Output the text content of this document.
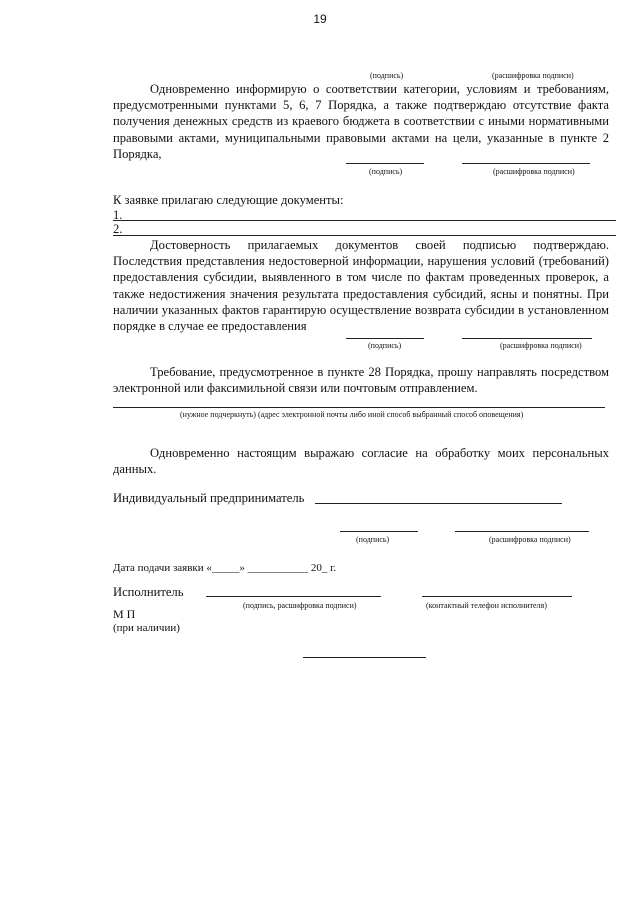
19
(подпись)	(расшифровка подписи)
Одновременно информирую о соответствии категории, условиям и требованиям, предусмотренными пунктами 5, 6, 7 Порядка, а также подтверждаю отсутствие факта получения денежных средств из краевого бюджета в соответствии с иными нормативными правовыми актами, муниципальными правовыми актами на цели, указанные в пункте 2 Порядка,
(подпись)	(расшифровка подписи)
К заявке прилагаю следующие документы:
1.
2.
Достоверность прилагаемых документов своей подписью подтверждаю. Последствия представления недостоверной информации, нарушения условий (требований) предоставления субсидии, выявленного в том числе по фактам проведенных проверок, а также недостижения значения результата предоставления субсидий, ясны и понятны. При наличии указанных фактов гарантирую осуществление возврата субсидии в установленном порядке в случае ее предоставления
(подпись)	(расшифровка подписи)
Требование, предусмотренное в пункте 28 Порядка, прошу направлять посредством электронной или факсимильной связи или почтовым отправлением.
(нужное подчеркнуть) (адрес электронной почты либо иной способ выбранный способ оповещения)
Одновременно настоящим выражаю согласие на обработку моих персональных данных.
Индивидуальный предприниматель
(подпись)	(расшифровка подписи)
Дата подачи заявки «_____» ___________ 20_ г.
Исполнитель
(подпись, расшифровка подписи)	(контактный телефон исполнителя)
М П
(при наличии)
